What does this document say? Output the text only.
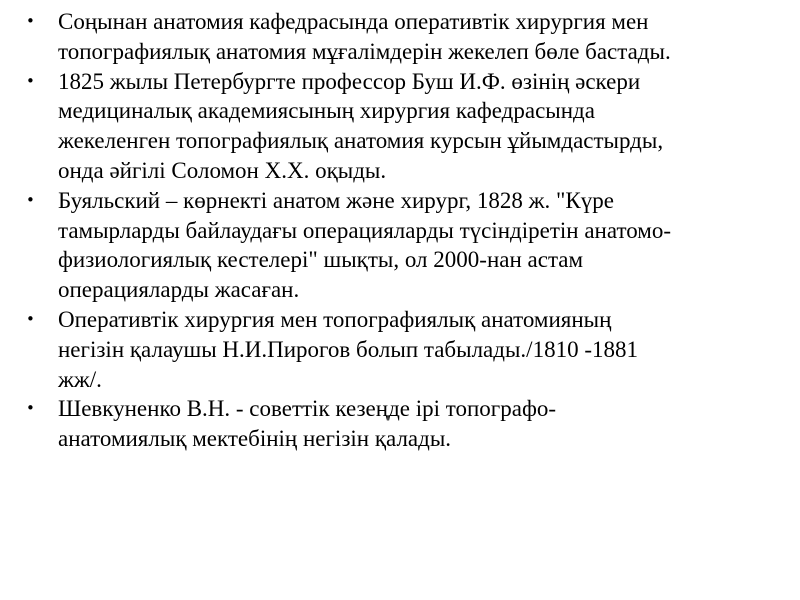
• Соңынан анатомия кафедрасында оперативтік хирургия мен
топографиялық анатомия мұғалімдерін жекелеп бөле бастады.
• 1825 жылы Петербургте профессор Буш И.Ф. өзінің әскери
медициналық академиясының хирургия кафедрасында
жекеленген топографиялық анатомия курсын ұйымдастырды,
онда әйгілі Соломон Х.Х. оқыды.
• Буяльский – көрнекті анатом және хирург, 1828 ж. "Күре
тамырларды байлаудағы операцияларды түсіндіретін анатомо-
физиологиялық кестелері" шықты, ол 2000-нан астам
операцияларды жасаған.
• Оперативтік хирургия мен топографиялық анатомияның
негізін қалаушы Н.И.Пирогов болып табылады./1810 -1881
жж/.
• Шевкуненко В.Н. - советтік кезеңде ірі топографо-
анатомиялық мектебінің негізін қалады.
